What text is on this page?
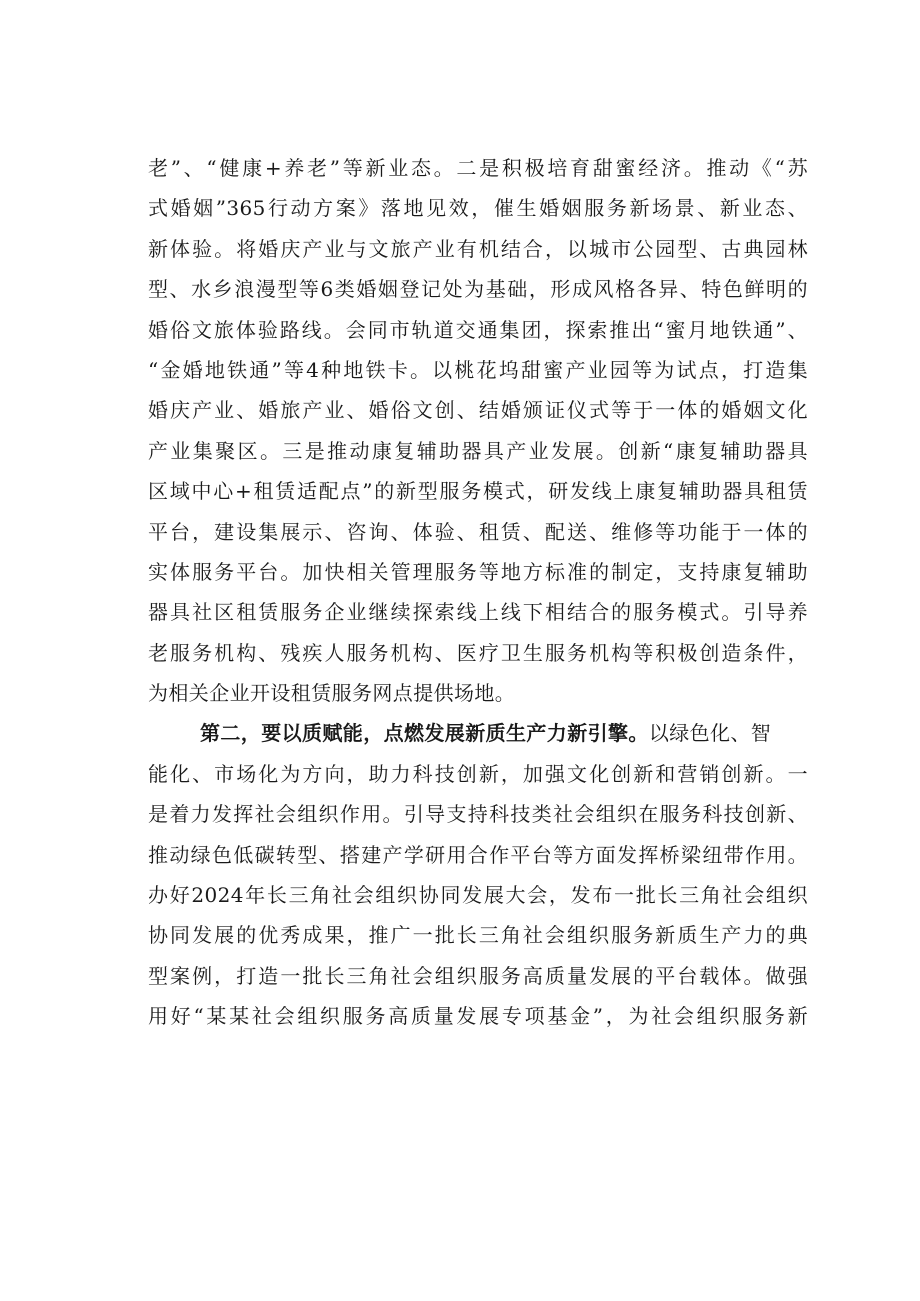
老”、“健康+养老”等新业态。二是积极培育甜蜜经济。推动《“苏
式婚姻”365行动方案》落地见效，催生婚姻服务新场景、新业态、
新体验。将婚庆产业与文旅产业有机结合，以城市公园型、古典园林
型、水乡浪漫型等6类婚姻登记处为基础，形成风格各异、特色鲜明的
婚俗文旅体验路线。会同市轨道交通集团，探索推出“蜜月地铁通”、
“金婚地铁通”等4种地铁卡。以桃花坞甜蜜产业园等为试点，打造集
婚庆产业、婚旅产业、婚俗文创、结婚颁证仪式等于一体的婚姻文化
产业集聚区。三是推动康复辅助器具产业发展。创新“康复辅助器具
区域中心+租赁适配点”的新型服务模式，研发线上康复辅助器具租赁
平台，建设集展示、咨询、体验、租赁、配送、维修等功能于一体的
实体服务平台。加快相关管理服务等地方标准的制定，支持康复辅助
器具社区租赁服务企业继续探索线上线下相结合的服务模式。引导养
老服务机构、残疾人服务机构、医疗卫生服务机构等积极创造条件，
为相关企业开设租赁服务网点提供场地。
第二，要以质赋能，点燃发展新质生产力新引擎。以绿色化、智
能化、市场化为方向，助力科技创新，加强文化创新和营销创新。一
是着力发挥社会组织作用。引导支持科技类社会组织在服务科技创新、
推动绿色低碳转型、搭建产学研用合作平台等方面发挥桥梁纽带作用。
办好2024年长三角社会组织协同发展大会，发布一批长三角社会组织
协同发展的优秀成果，推广一批长三角社会组织服务新质生产力的典
型案例，打造一批长三角社会组织服务高质量发展的平台载体。做强
用好“某某社会组织服务高质量发展专项基金”，为社会组织服务新
